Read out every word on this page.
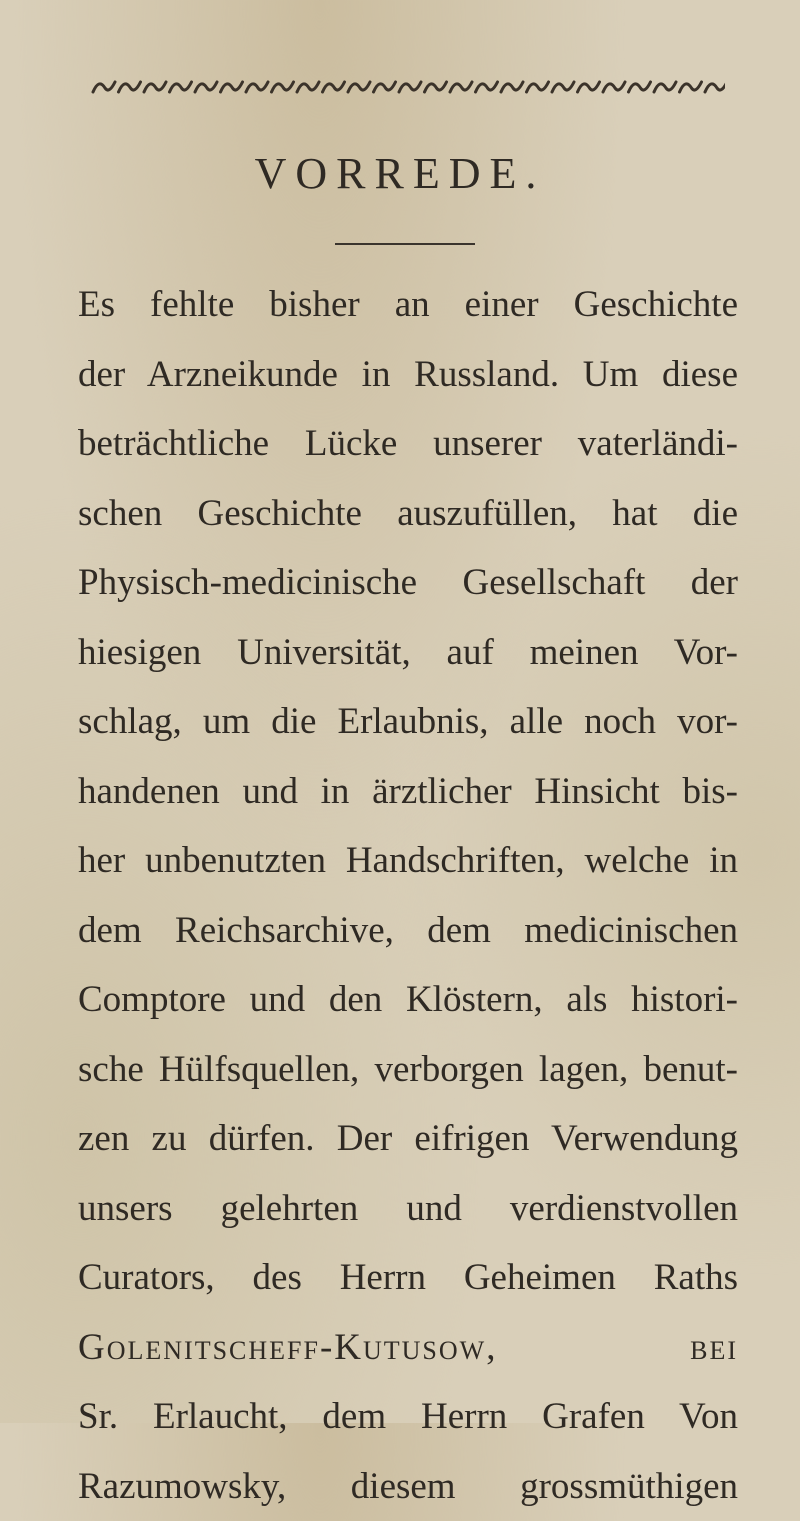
VORREDE.
Es fehlte bisher an einer Geschichte
der Arzneikunde in Russland. Um diese
beträchtliche Lücke unserer vaterländi-
schen Geschichte auszufüllen, hat die
Physisch-medicinische Gesellschaft der
hiesigen Universität, auf meinen Vor-
schlag, um die Erlaubnis, alle noch vor-
handenen und in ärztlicher Hinsicht bis-
her unbenutzten Handschriften, welche in
dem Reichsarchive, dem medicinischen
Comptore und den Klöstern, als histori-
sche Hülfsquellen, verborgen lagen, benut-
zen zu dürfen. Der eifrigen Verwendung
unsers gelehrten und verdienstvollen
Curators, des Herrn Geheimen Raths
Golenitscheff-Kutusow, bei
Sr. Erlaucht, dem Herrn Grafen Von
Razumowsky, diesem grossmüthigen
